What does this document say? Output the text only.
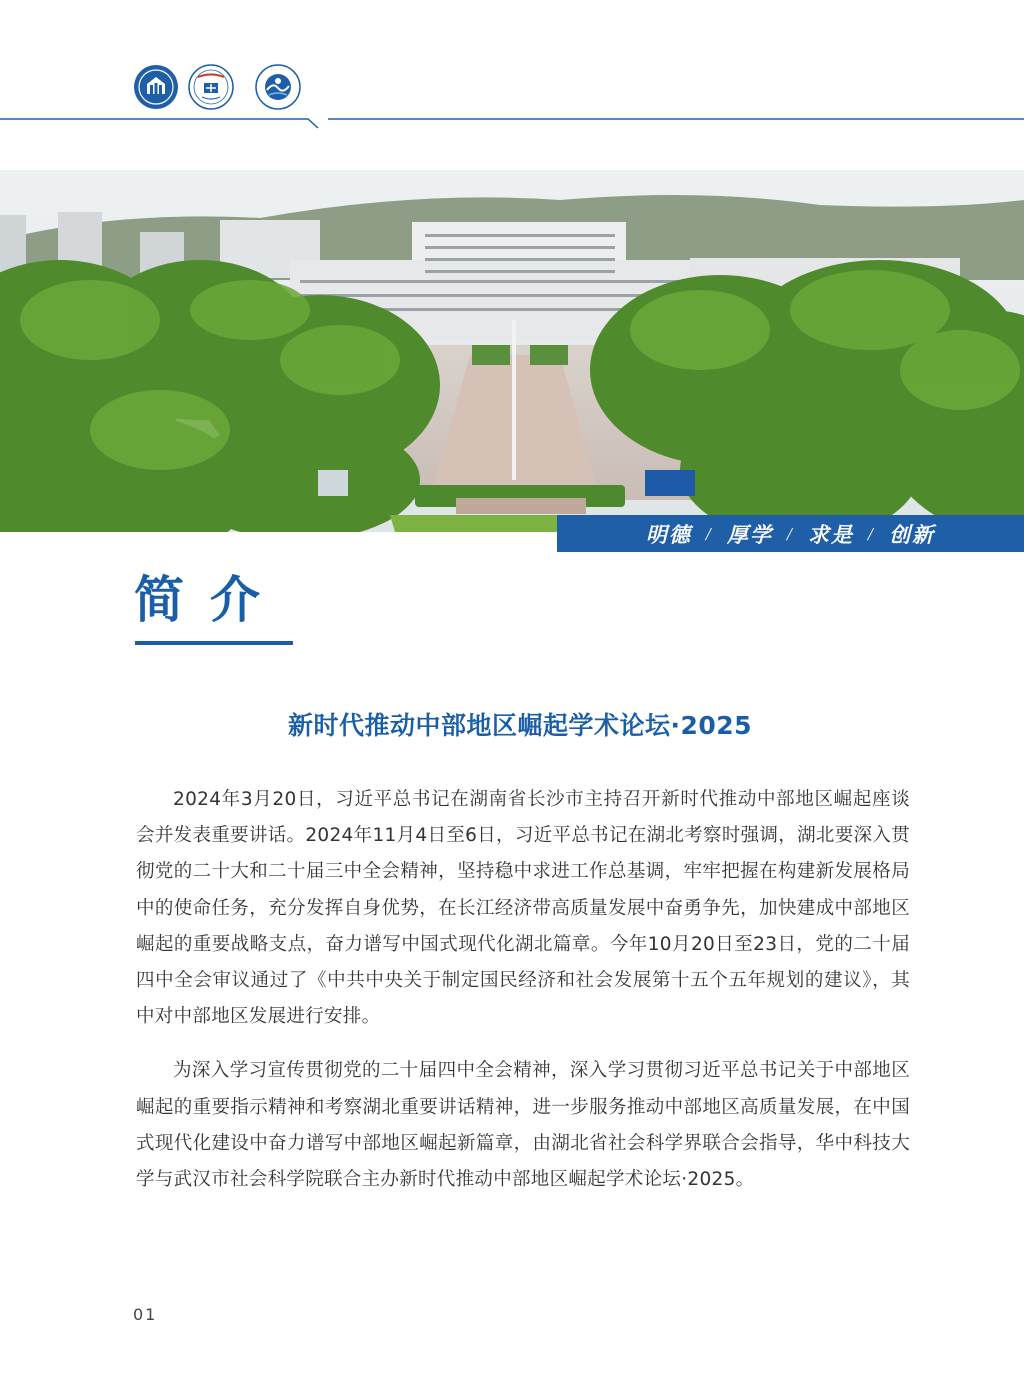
明德 / 厚学 / 求是 / 创新
简介
新时代推动中部地区崛起学术论坛·2025

2024年3月20日，习近平总书记在湖南省长沙市主持召开新时代推动中部地区崛起座谈会并发表重要讲话。2024年11月4日至6日，习近平总书记在湖北考察时强调，湖北要深入贯彻党的二十大和二十届三中全会精神，坚持稳中求进工作总基调，牢牢把握在构建新发展格局中的使命任务，充分发挥自身优势，在长江经济带高质量发展中奋勇争先，加快建成中部地区崛起的重要战略支点，奋力谱写中国式现代化湖北篇章。今年10月20日至23日，党的二十届四中全会审议通过了《中共中央关于制定国民经济和社会发展第十五个五年规划的建议》，其中对中部地区发展进行安排。

为深入学习宣传贯彻党的二十届四中全会精神，深入学习贯彻习近平总书记关于中部地区崛起的重要指示精神和考察湖北重要讲话精神，进一步服务推动中部地区高质量发展，在中国式现代化建设中奋力谱写中部地区崛起新篇章，由湖北省社会科学界联合会指导，华中科技大学与武汉市社会科学院联合主办新时代推动中部地区崛起学术论坛·2025。

01
